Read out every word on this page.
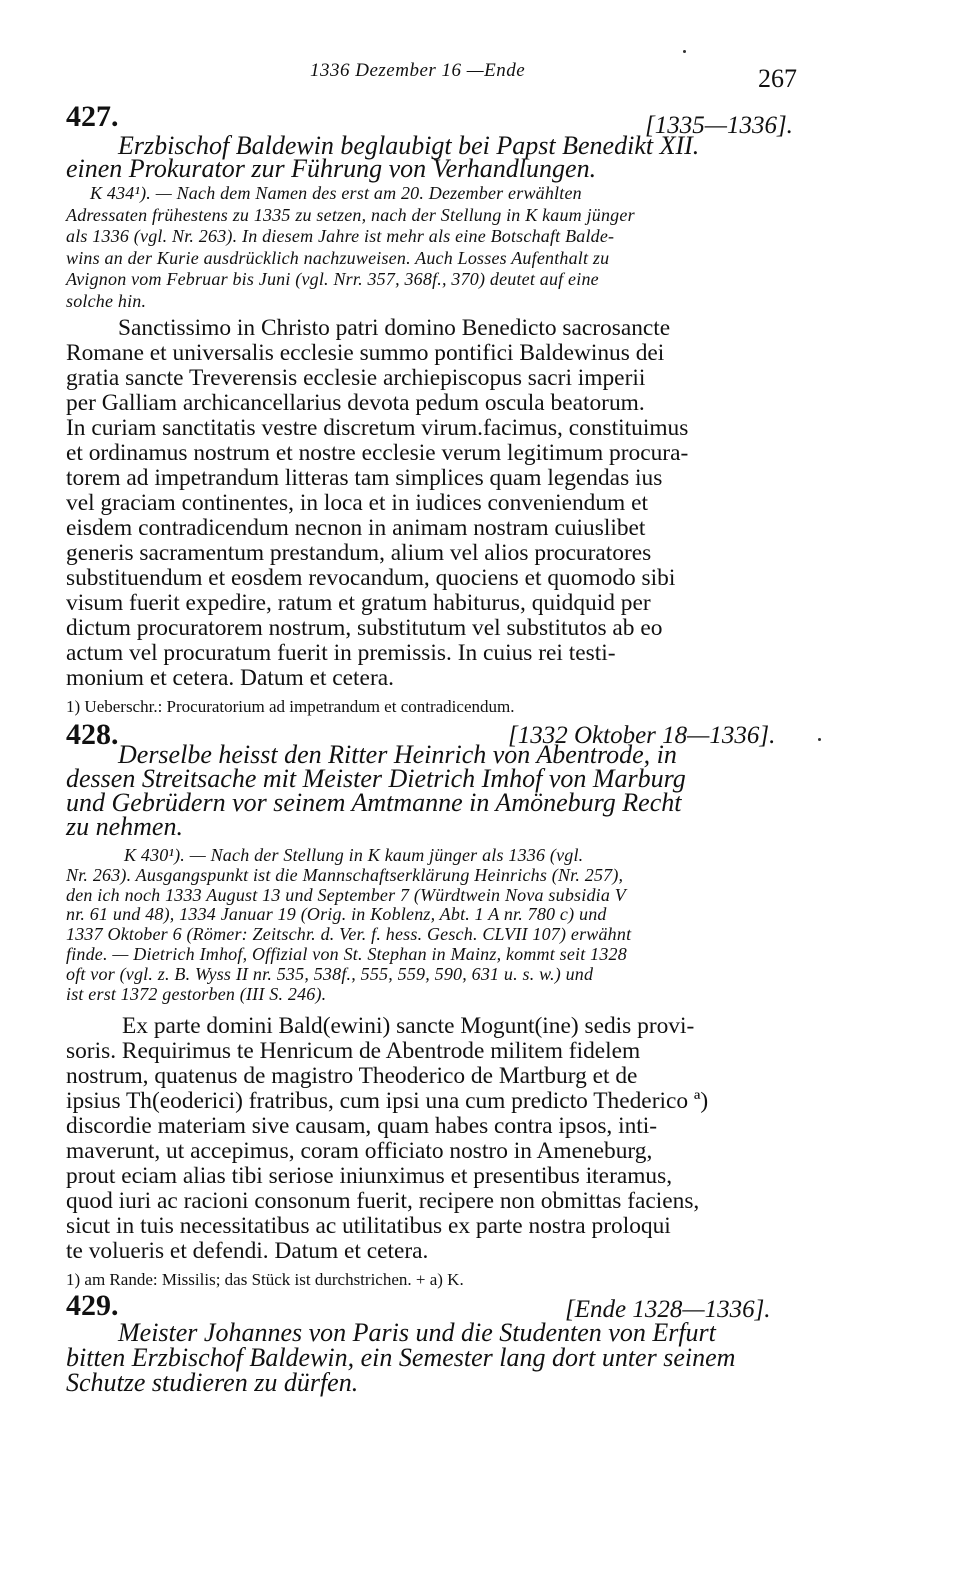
1336 Dezember 16 —Ende	267
427.	[1335—1336].
Erzbischof Baldewin beglaubigt bei Papst Benedikt XII.
einen Prokurator zur Führung von Verhandlungen.
K 434¹). — Nach dem Namen des erst am 20. Dezember erwählten
Adressaten frühestens zu 1335 zu setzen, nach der Stellung in K kaum jünger
als 1336 (vgl. Nr. 263). In diesem Jahre ist mehr als eine Botschaft Balde-
wins an der Kurie ausdrücklich nachzuweisen. Auch Losses Aufenthalt zu
Avignon vom Februar bis Juni (vgl. Nrr. 357, 368f., 370) deutet auf eine
solche hin.
Sanctissimo in Christo patri domino Benedicto sacrosancte
Romane et universalis ecclesie summo pontifici Baldewinus dei
gratia sancte Treverensis ecclesie archiepiscopus sacri imperii
per Galliam archicancellarius devota pedum oscula beatorum.
In curiam sanctitatis vestre discretum virum.facimus, constituimus
et ordinamus nostrum et nostre ecclesie verum legitimum procura-
torem ad impetrandum litteras tam simplices quam legendas ius
vel graciam continentes, in loca et in iudices conveniendum et
eisdem contradicendum necnon in animam nostram cuiuslibet
generis sacramentum prestandum, alium vel alios procuratores
substituendum et eosdem revocandum, quociens et quomodo sibi
visum fuerit expedire, ratum et gratum habiturus, quidquid per
dictum procuratorem nostrum, substitutum vel substitutos ab eo
actum vel procuratum fuerit in premissis. In cuius rei testi-
monium et cetera. Datum et cetera.
1) Ueberschr.: Procuratorium ad impetrandum et contradicendum.
428.	[1332 Oktober 18—1336].
Derselbe heisst den Ritter Heinrich von Abentrode, in
dessen Streitsache mit Meister Dietrich Imhof von Marburg
und Gebrüdern vor seinem Amtmanne in Amöneburg Recht
zu nehmen.
K 430¹). — Nach der Stellung in K kaum jünger als 1336 (vgl.
Nr. 263). Ausgangspunkt ist die Mannschaftserklärung Heinrichs (Nr. 257),
den ich noch 1333 August 13 und September 7 (Würdtwein Nova subsidia V
nr. 61 und 48), 1334 Januar 19 (Orig. in Koblenz, Abt. 1 A nr. 780 c) und
1337 Oktober 6 (Römer: Zeitschr. d. Ver. f. hess. Gesch. CLVII 107) erwähnt
finde. — Dietrich Imhof, Offizial von St. Stephan in Mainz, kommt seit 1328
oft vor (vgl. z. B. Wyss II nr. 535, 538f., 555, 559, 590, 631 u. s. w.) und
ist erst 1372 gestorben (III S. 246).
Ex parte domini Bald(ewini) sancte Mogunt(ine) sedis provi-
soris. Requirimus te Henricum de Abentrode militem fidelem
nostrum, quatenus de magistro Theoderico de Martburg et de
ipsius Th(eoderici) fratribus, cum ipsi una cum predicto Thederico ª)
discordie materiam sive causam, quam habes contra ipsos, inti-
maverunt, ut accepimus, coram officiato nostro in Ameneburg,
prout eciam alias tibi seriose iniunximus et presentibus iteramus,
quod iuri ac racioni consonum fuerit, recipere non obmittas faciens,
sicut in tuis necessitatibus ac utilitatibus ex parte nostra proloqui
te volueris et defendi. Datum et cetera.
1) am Rande: Missilis; das Stück ist durchstrichen. + a) K.
429.	[Ende 1328—1336].
Meister Johannes von Paris und die Studenten von Erfurt
bitten Erzbischof Baldewin, ein Semester lang dort unter seinem
Schutze studieren zu dürfen.
